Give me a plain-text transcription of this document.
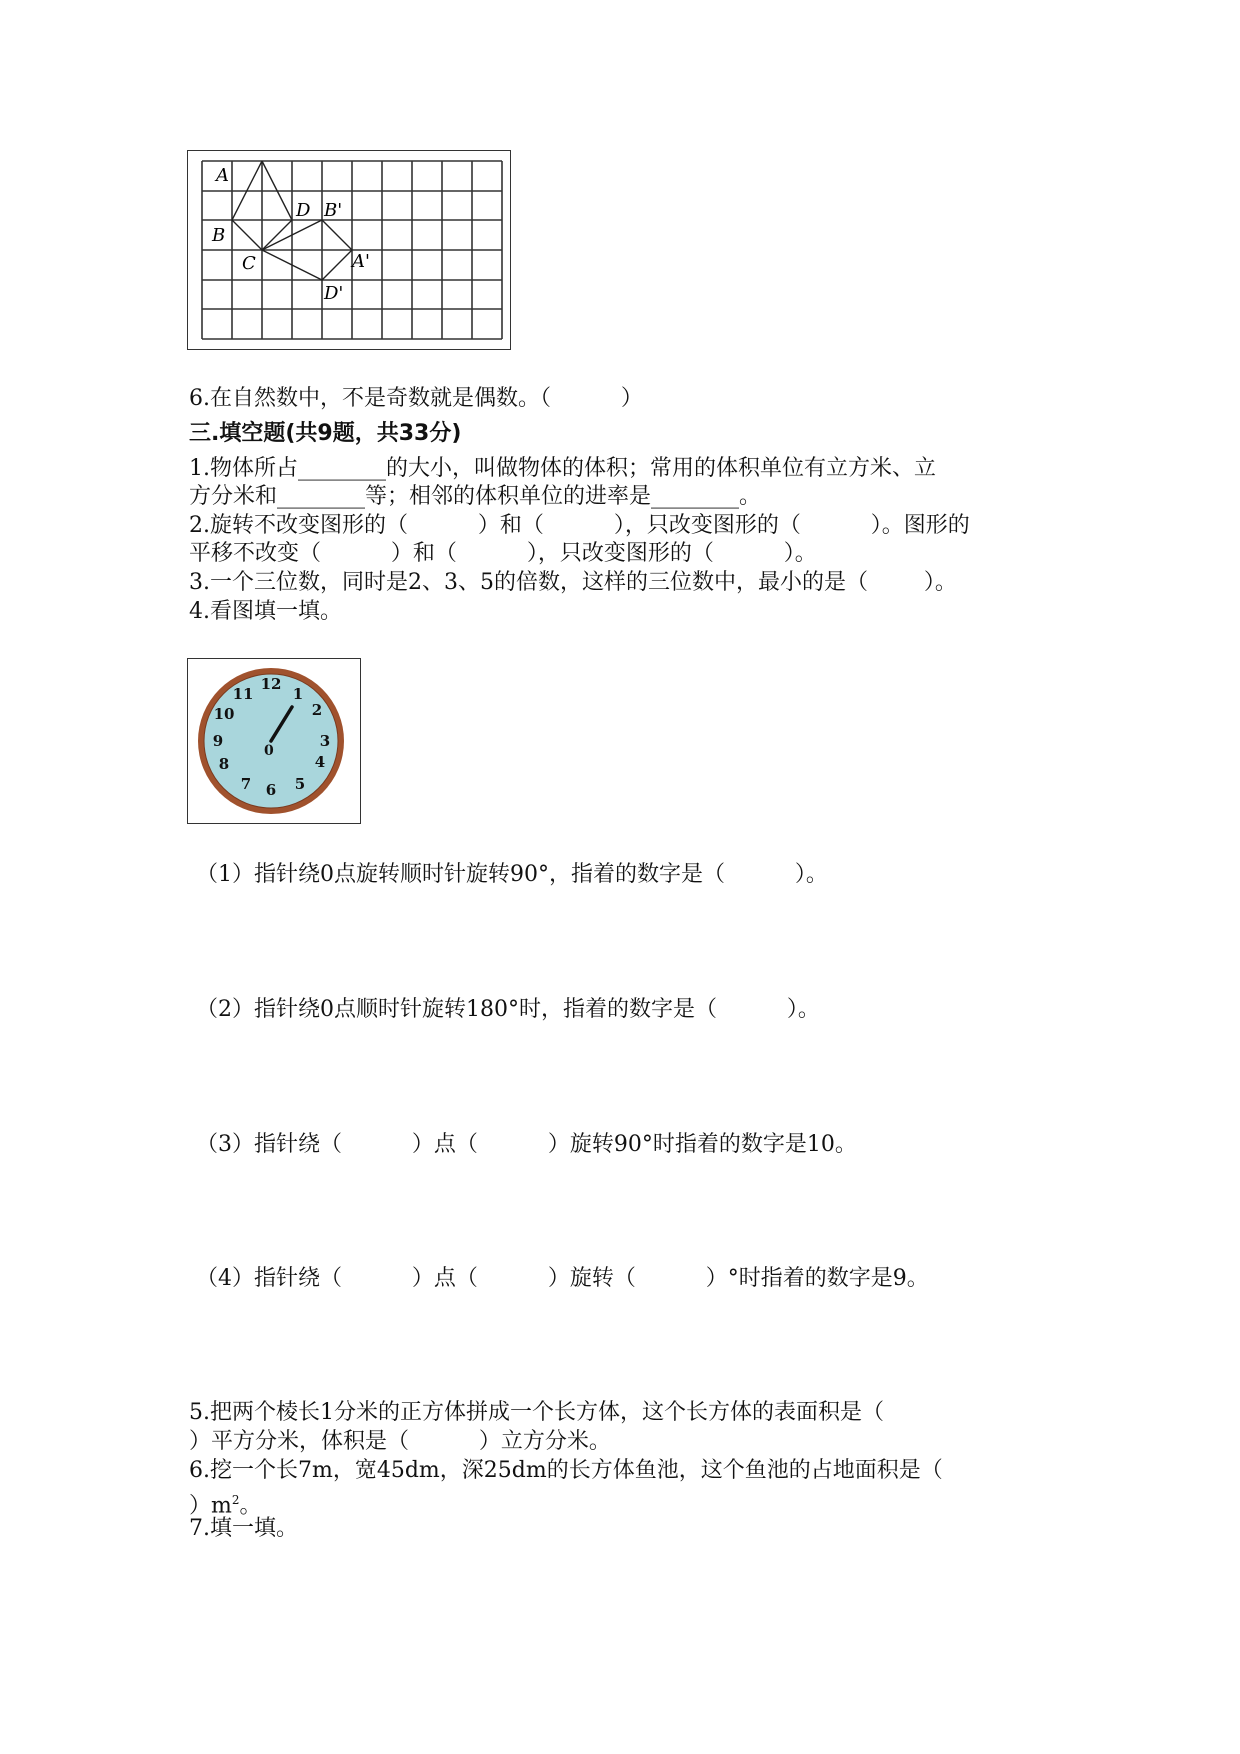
A
B
C
D B'
A'
D'
6.在自然数中，不是奇数就是偶数。（          ）
三.填空题(共9题，共33分)
1.物体所占________的大小，叫做物体的体积；常用的体积单位有立方米、立
方分米和________等；相邻的体积单位的进率是________。
2.旋转不改变图形的（          ）和（          ），只改变图形的（          ）。图形的
平移不改变（          ）和（          ），只改变图形的（          ）。
3.一个三位数，同时是2、3、5的倍数，这样的三位数中，最小的是（        ）。
4.看图填一填。
12
1
2
3
4
5
6
7
8
9
10
11
0
（1）指针绕0点旋转顺时针旋转90°，指着的数字是（          ）。
（2）指针绕0点顺时针旋转180°时，指着的数字是（          ）。
（3）指针绕（          ）点（          ）旋转90°时指着的数字是10。
（4）指针绕（          ）点（          ）旋转（          ）°时指着的数字是9。
5.把两个棱长1分米的正方体拼成一个长方体，这个长方体的表面积是（
）平方分米，体积是（          ）立方分米。
6.挖一个长7m，宽45dm，深25dm的长方体鱼池，这个鱼池的占地面积是（
）$m^2$。
7.填一填。
